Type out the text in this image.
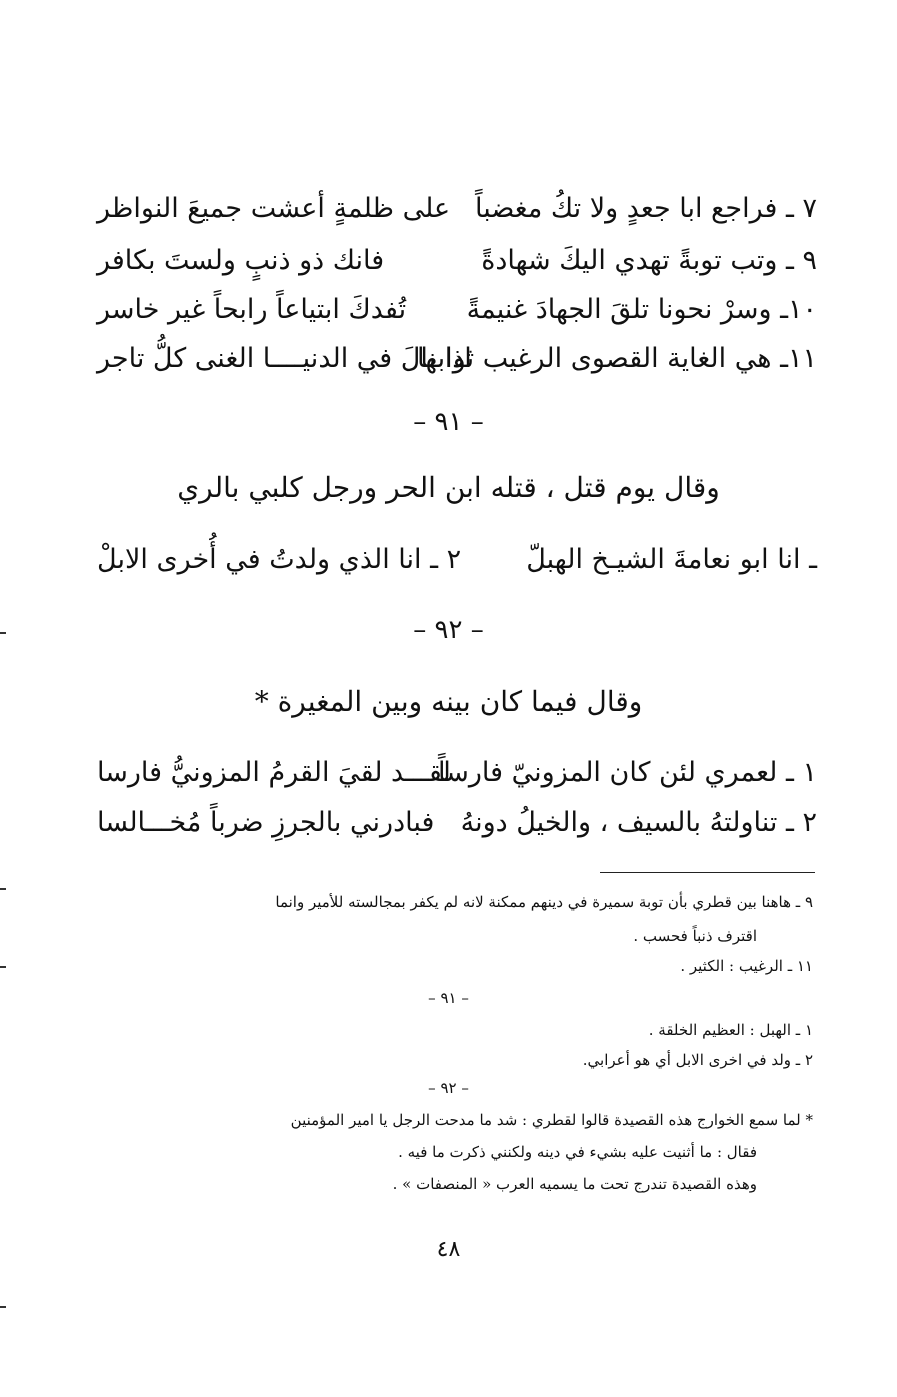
٧ ـ فراجع ابا جعدٍ ولا تكُ مغضباً
على ظلمةٍ أعشت جميعَ النواظر
٩ ـ وتب توبةً تهدي اليكَ شهادةً
فانك ذو ذنبٍ ولستَ بكافر
١٠ـ وسرْ نحونا تلقَ الجهادَ غنيمةً
تُفدكَ ابتياعاً رابحاً غير خاسر
١١ـ هي الغاية القصوى الرغيب ثوابها
اذا نالَ في الدنيــــا الغنى كلُّ تاجر
– ٩١ –
وقال يوم قتل ، قتله ابن الحر ورجل كلبي بالري
ـ انا ابو نعامةَ الشيـخ الهبلّ
٢ ـ انا الذي ولدتُ في أُخرى الابلْ
– ٩٢ –
وقال فيما كان بينه وبين المغيرة *
١ ـ لعمري لئن كان المزونيّ فارساً
لقـــد لقيَ القرمُ المزونيُّ فارسا
٢ ـ تناولتهُ بالسيف ، والخيلُ دونهُ
فبادرني بالجرزِ ضرباً مُخـــالسا
٩ ـ هاهنا بين قطري بأن توبة سميرة في دينهم ممكنة لانه لم يكفر بمجالسته للأمير وانما
اقترف ذنباً فحسب .
١١ ـ الرغيب : الكثير .
– ٩١ –
١ ـ الهبل : العظيم الخلقة .
٢ ـ ولد في اخرى الابل أي هو أعرابي.
– ٩٢ –
* لما سمع الخوارج هذه القصيدة قالوا لقطري : شد ما مدحت الرجل يا امير المؤمنين
فقال : ما أثنيت عليه بشيء في دينه ولكنني ذكرت ما فيه .
وهذه القصيدة تندرج تحت ما يسميه العرب « المنصفات » .
٤٨
